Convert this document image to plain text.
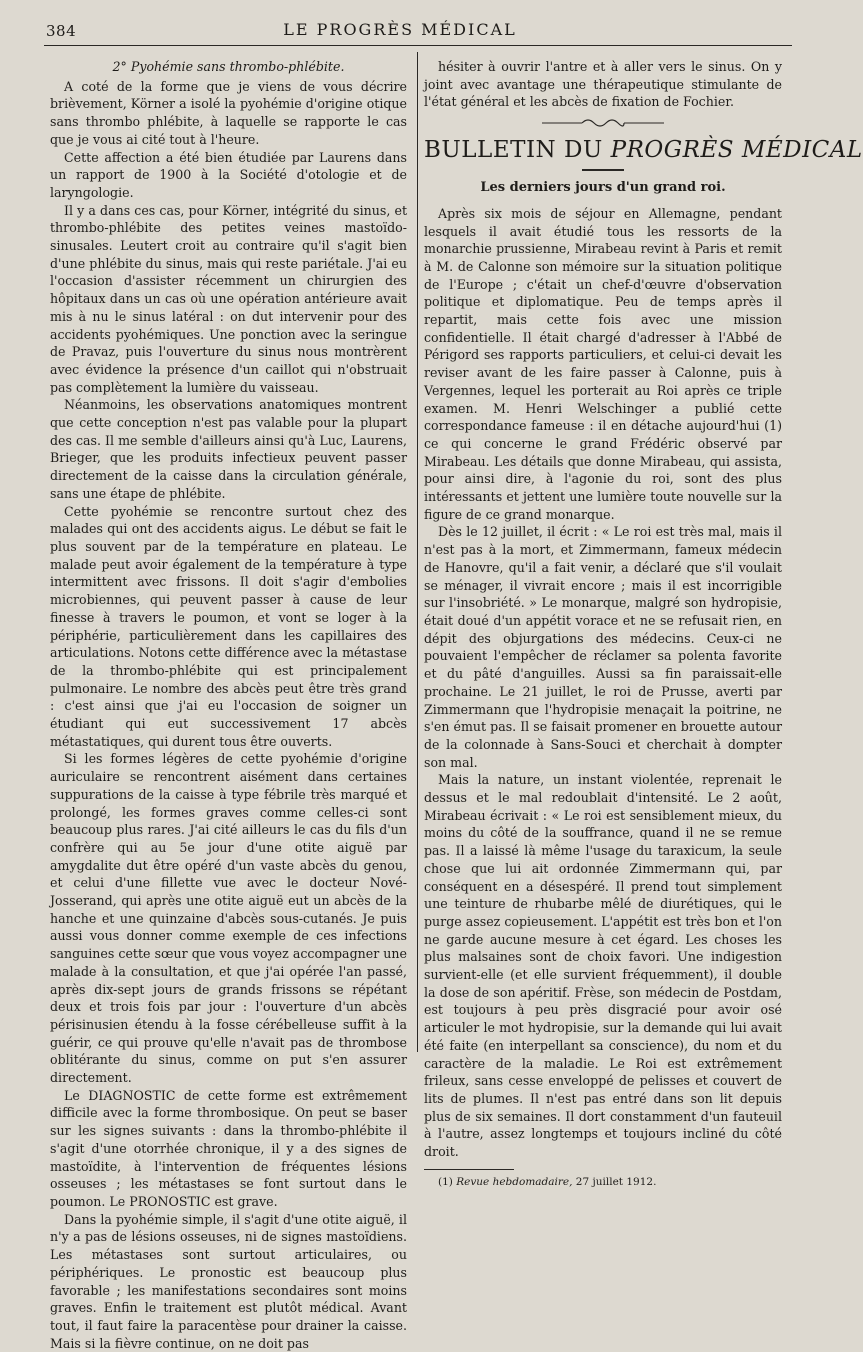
384	LE PROGRÈS MÉDICAL
2° Pyohémie sans thrombo-phlébite.

A coté de la forme que je viens de vous décrire brièvement, Körner a isolé la pyohémie d'origine otique sans thrombo phlébite, à laquelle se rapporte le cas que je vous ai cité tout à l'heure.

Cette affection a été bien étudiée par Laurens dans un rapport de 1900 à la Société d'otologie et de laryngologie.

Il y a dans ces cas, pour Körner, intégrité du sinus, et thrombo-phlébite des petites veines mastoïdo-sinusales. Leutert croit au contraire qu'il s'agit bien d'une phlébite du sinus, mais qui reste pariétale. J'ai eu l'occasion d'assister récemment un chirurgien des hôpitaux dans un cas où une opération antérieure avait mis à nu le sinus latéral : on dut intervenir pour des accidents pyohémiques. Une ponction avec la seringue de Pravaz, puis l'ouverture du sinus nous montrèrent avec évidence la présence d'un caillot qui n'obstruait pas complètement la lumière du vaisseau.

Néanmoins, les observations anatomiques montrent que cette conception n'est pas valable pour la plupart des cas. Il me semble d'ailleurs ainsi qu'à Luc, Laurens, Brieger, que les produits infectieux peuvent passer directement de la caisse dans la circulation générale, sans une étape de phlébite.

Cette pyohémie se rencontre surtout chez des malades qui ont des accidents aigus. Le début se fait le plus souvent par de la température en plateau. Le malade peut avoir également de la température à type intermittent avec frissons. Il doit s'agir d'embolies microbiennes, qui peuvent passer à cause de leur finesse à travers le poumon, et vont se loger à la périphérie, particulièrement dans les capillaires des articulations. Notons cette différence avec la métastase de la thrombo-phlébite qui est principalement pulmonaire. Le nombre des abcès peut être très grand : c'est ainsi que j'ai eu l'occasion de soigner un étudiant qui eut successivement 17 abcès métastatiques, qui durent tous être ouverts.

Si les formes légères de cette pyohémie d'origine auriculaire se rencontrent aisément dans certaines suppurations de la caisse à type fébrile très marqué et prolongé, les formes graves comme celles-ci sont beaucoup plus rares. J'ai cité ailleurs le cas du fils d'un confrère qui au 5e jour d'une otite aiguë par amygdalite dut être opéré d'un vaste abcès du genou, et celui d'une fillette vue avec le docteur Nové-Josserand, qui après une otite aiguë eut un abcès de la hanche et une quinzaine d'abcès sous-cutanés. Je puis aussi vous donner comme exemple de ces infections sanguines cette sœur que vous voyez accompagner une malade à la consultation, et que j'ai opérée l'an passé, après dix-sept jours de grands frissons se répétant deux et trois fois par jour : l'ouverture d'un abcès périsinusien étendu à la fosse cérébelleuse suffit à la guérir, ce qui prouve qu'elle n'avait pas de thrombose oblitérante du sinus, comme on put s'en assurer directement.

Le DIAGNOSTIC de cette forme est extrêmement difficile avec la forme thrombosique. On peut se baser sur les signes suivants : dans la thrombo-phlébite il s'agit d'une otorrhée chronique, il y a des signes de mastoïdite, à l'intervention de fréquentes lésions osseuses ; les métastases se font surtout dans le poumon. Le PRONOSTIC est grave.

Dans la pyohémie simple, il s'agit d'une otite aiguë, il n'y a pas de lésions osseuses, ni de signes mastoïdiens. Les métastases sont surtout articulaires, ou périphériques. Le pronostic est beaucoup plus favorable ; les manifestations secondaires sont moins graves. Enfin le traitement est plutôt médical. Avant tout, il faut faire la paracentèse pour drainer la caisse. Mais si la fièvre continue, on ne doit pas

hésiter à ouvrir l'antre et à aller vers le sinus. On y joint avec avantage une thérapeutique stimulante de l'état général et les abcès de fixation de Fochier.

BULLETIN DU PROGRÈS MÉDICAL
Les derniers jours d'un grand roi.

Après six mois de séjour en Allemagne, pendant lesquels il avait étudié tous les ressorts de la monarchie prussienne, Mirabeau revint à Paris et remit à M. de Calonne son mémoire sur la situation politique de l'Europe ; c'était un chef-d'œuvre d'observation politique et diplomatique. Peu de temps après il repartit, mais cette fois avec une mission confidentielle. Il était chargé d'adresser à l'Abbé de Périgord ses rapports particuliers, et celui-ci devait les reviser avant de les faire passer à Calonne, puis à Vergennes, lequel les porterait au Roi après ce triple examen. M. Henri Welschinger a publié cette correspondance fameuse : il en détache aujourd'hui (1) ce qui concerne le grand Frédéric observé par Mirabeau. Les détails que donne Mirabeau, qui assista, pour ainsi dire, à l'agonie du roi, sont des plus intéressants et jettent une lumière toute nouvelle sur la figure de ce grand monarque.

Dès le 12 juillet, il écrit : « Le roi est très mal, mais il n'est pas à la mort, et Zimmermann, fameux médecin de Hanovre, qu'il a fait venir, a déclaré que s'il voulait se ménager, il vivrait encore ; mais il est incorrigible sur l'insobriété. » Le monarque, malgré son hydropisie, était doué d'un appétit vorace et ne se refusait rien, en dépit des objurgations des médecins. Ceux-ci ne pouvaient l'empêcher de réclamer sa polenta favorite et du pâté d'anguilles. Aussi sa fin paraissait-elle prochaine. Le 21 juillet, le roi de Prusse, averti par Zimmermann que l'hydropisie menaçait la poitrine, ne s'en émut pas. Il se faisait promener en brouette autour de la colonnade à Sans-Souci et cherchait à dompter son mal.

Mais la nature, un instant violentée, reprenait le dessus et le mal redoublait d'intensité. Le 2 août, Mirabeau écrivait : « Le roi est sensiblement mieux, du moins du côté de la souffrance, quand il ne se remue pas. Il a laissé là même l'usage du taraxicum, la seule chose que lui ait ordonnée Zimmermann qui, par conséquent en a désespéré. Il prend tout simplement une teinture de rhubarbe mêlé de diurétiques, qui le purge assez copieusement. L'appétit est très bon et l'on ne garde aucune mesure à cet égard. Les choses les plus malsaines sont de choix favori. Une indigestion survient-elle (et elle survient fréquemment), il double la dose de son apéritif. Frèse, son médecin de Postdam, est toujours à peu près disgracié pour avoir osé articuler le mot hydropisie, sur la demande qui lui avait été faite (en interpellant sa conscience), du nom et du caractère de la maladie. Le Roi est extrêmement frileux, sans cesse enveloppé de pelisses et couvert de lits de plumes. Il n'est pas entré dans son lit depuis plus de six semaines. Il dort constamment d'un fauteuil à l'autre, assez longtemps et toujours incliné du côté droit.

(1) Revue hebdomadaire, 27 juillet 1912.
